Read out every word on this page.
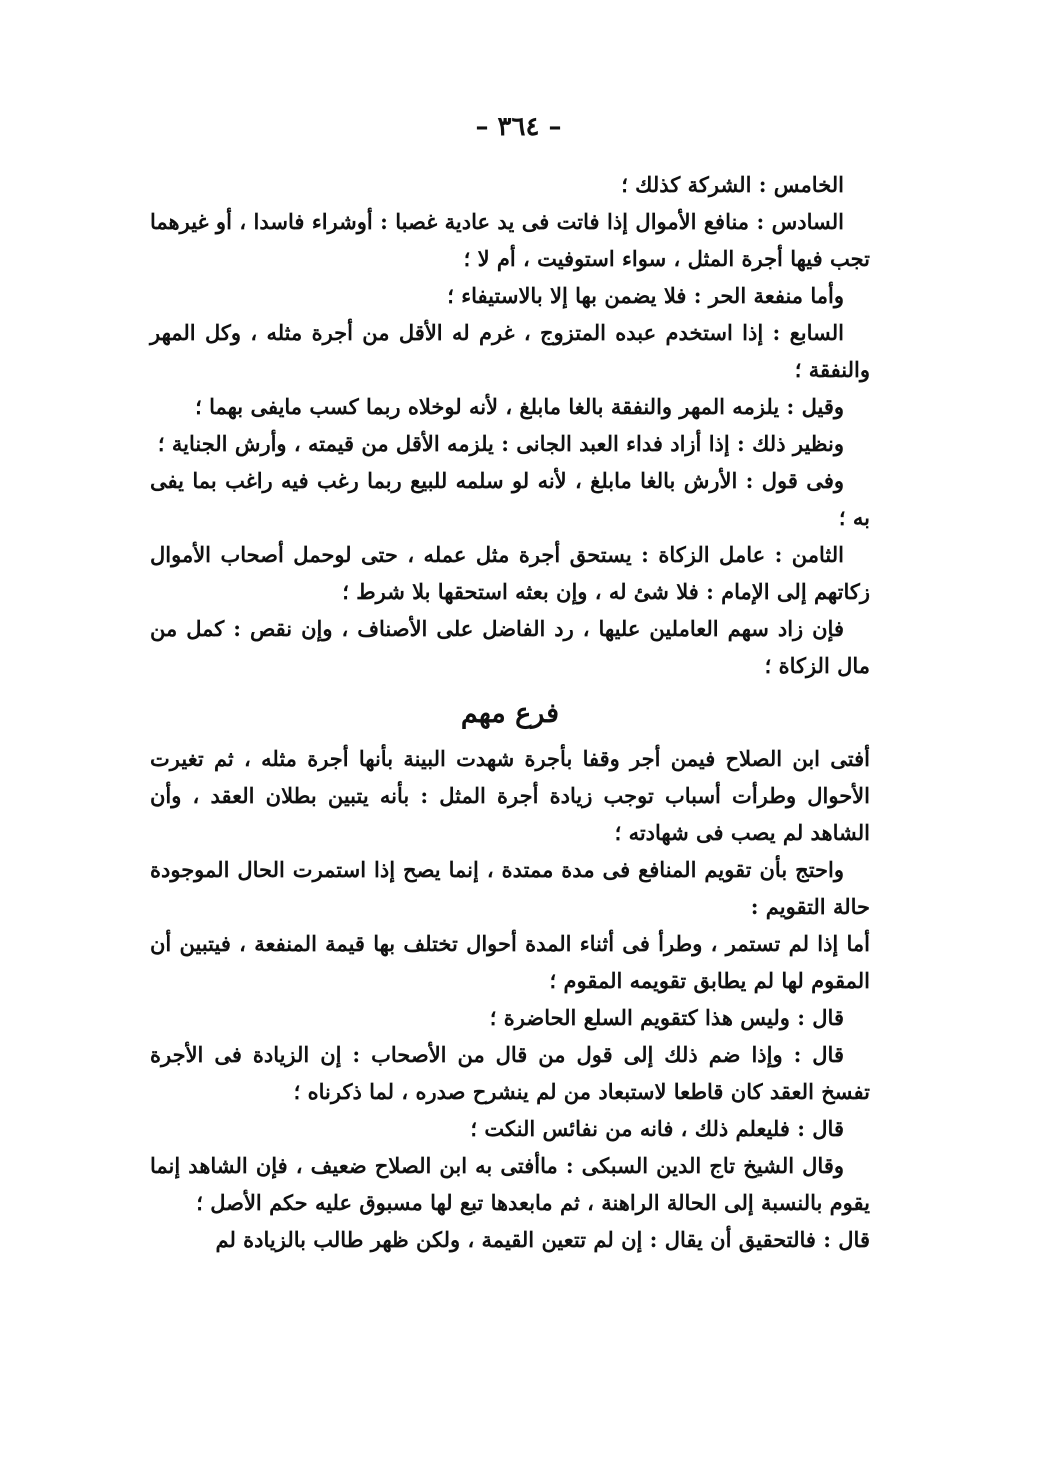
– ٣٦٤ –

الخامس : الشركة كذلك ؛

السادس : منافع الأموال إذا فاتت فى يد عادية غصبا : أوشراء فاسدا ، أو غيرهما تجب فيها أجرة المثل ، سواء استوفيت ، أم لا ؛

وأما منفعة الحر : فلا يضمن بها إلا بالاستيفاء ؛

السابع : إذا استخدم عبده المتزوج ، غرم له الأقل من أجرة مثله ، وكل المهر والنفقة ؛

وقيل : يلزمه المهر والنفقة بالغا مابلغ ، لأنه لوخلاه ربما كسب مايفى بهما ؛

ونظير ذلك : إذا أزاد فداء العبد الجانى : يلزمه الأقل من قيمته ، وأرش الجناية ؛

وفى قول : الأرش بالغا مابلغ ، لأنه لو سلمه للبيع ربما رغب فيه راغب بما يفى به ؛

الثامن : عامل الزكاة : يستحق أجرة مثل عمله ، حتى لوحمل أصحاب الأموال زكاتهم إلى الإمام : فلا شئ له ، وإن بعثه استحقها بلا شرط ؛

فإن زاد سهم العاملين عليها ، رد الفاضل على الأصناف ، وإن نقص : كمل من مال الزكاة ؛

فرع مهم

أفتى ابن الصلاح فيمن أجر وقفا بأجرة شهدت البينة بأنها أجرة مثله ، ثم تغيرت الأحوال وطرأت أسباب توجب زيادة أجرة المثل : بأنه يتبين بطلان العقد ، وأن الشاهد لم يصب فى شهادته ؛

واحتج بأن تقويم المنافع فى مدة ممتدة ، إنما يصح إذا استمرت الحال الموجودة حالة التقويم :

أما إذا لم تستمر ، وطرأ فى أثناء المدة أحوال تختلف بها قيمة المنفعة ، فيتبين أن المقوم لها لم يطابق تقويمه المقوم ؛

قال : وليس هذا كتقويم السلع الحاضرة ؛

قال : وإذا ضم ذلك إلى قول من قال من الأصحاب : إن الزيادة فى الأجرة تفسخ العقد كان قاطعا لاستبعاد من لم ينشرح صدره ، لما ذكرناه ؛

قال : فليعلم ذلك ، فانه من نفائس النكت ؛

وقال الشيخ تاج الدين السبكى : ماأفتى به ابن الصلاح ضعيف ، فإن الشاهد إنما يقوم بالنسبة إلى الحالة الراهنة ، ثم مابعدها تبع لها مسبوق عليه حكم الأصل ؛

قال : فالتحقيق أن يقال : إن لم تتعين القيمة ، ولكن ظهر طالب بالزيادة لم
